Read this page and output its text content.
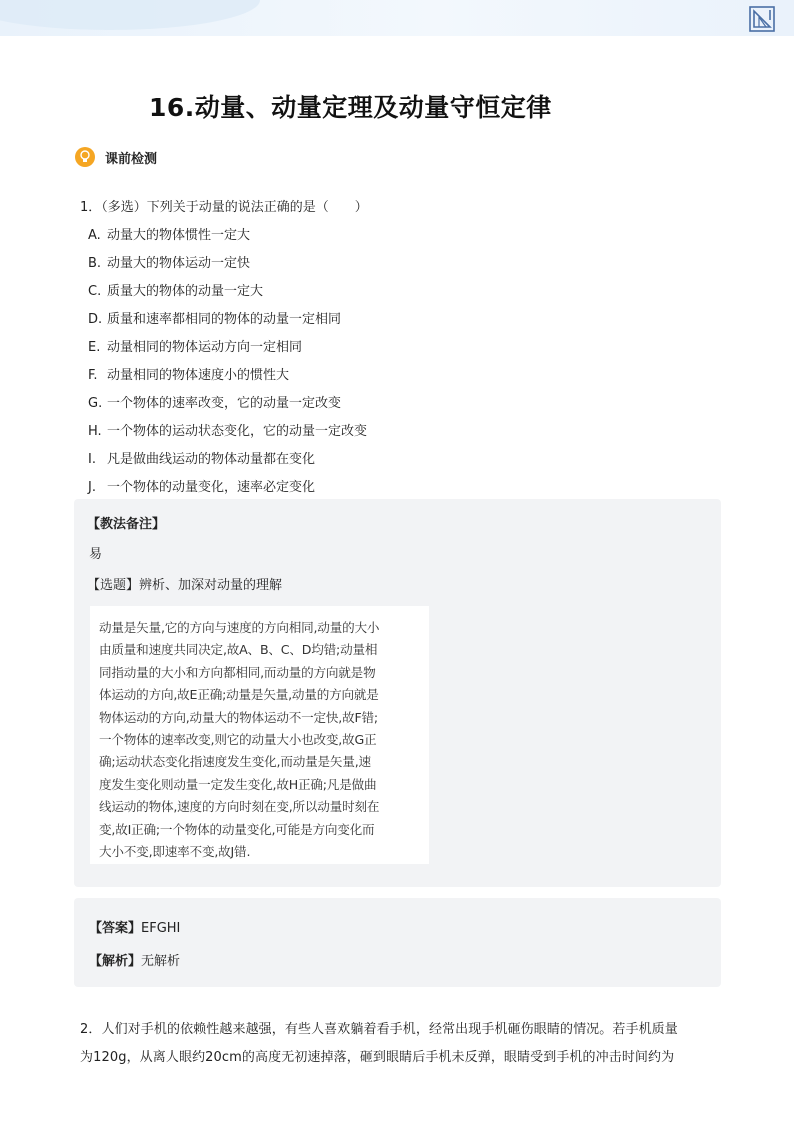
16.动量、动量定理及动量守恒定律
课前检测
1．（多选）下列关于动量的说法正确的是（　　）
A. 动量大的物体惯性一定大
B. 动量大的物体运动一定快
C. 质量大的物体的动量一定大
D. 质量和速率都相同的物体的动量一定相同
E. 动量相同的物体运动方向一定相同
F. 动量相同的物体速度小的惯性大
G. 一个物体的速率改变，它的动量一定改变
H. 一个物体的运动状态变化，它的动量一定改变
I. 凡是做曲线运动的物体动量都在变化
J. 一个物体的动量变化，速率必定变化
【教法备注】
易
【选题】辨析、加深对动量的理解
动量是矢量,它的方向与速度的方向相同,动量的大小
由质量和速度共同决定,故A、B、C、D均错;动量相
同指动量的大小和方向都相同,而动量的方向就是物
体运动的方向,故E正确;动量是矢量,动量的方向就是
物体运动的方向,动量大的物体运动不一定快,故F错;
一个物体的速率改变,则它的动量大小也改变,故G正
确;运动状态变化指速度发生变化,而动量是矢量,速
度发生变化则动量一定发生变化,故H正确;凡是做曲
线运动的物体,速度的方向时刻在变,所以动量时刻在
变,故I正确;一个物体的动量变化,可能是方向变化而
大小不变,即速率不变,故J错.
【答案】EFGHI
【解析】无解析
2．人们对手机的依赖性越来越强，有些人喜欢躺着看手机，经常出现手机砸伤眼睛的情况。若手机质量
为120g，从离人眼约20cm的高度无初速掉落，砸到眼睛后手机未反弹，眼睛受到手机的冲击时间约为
